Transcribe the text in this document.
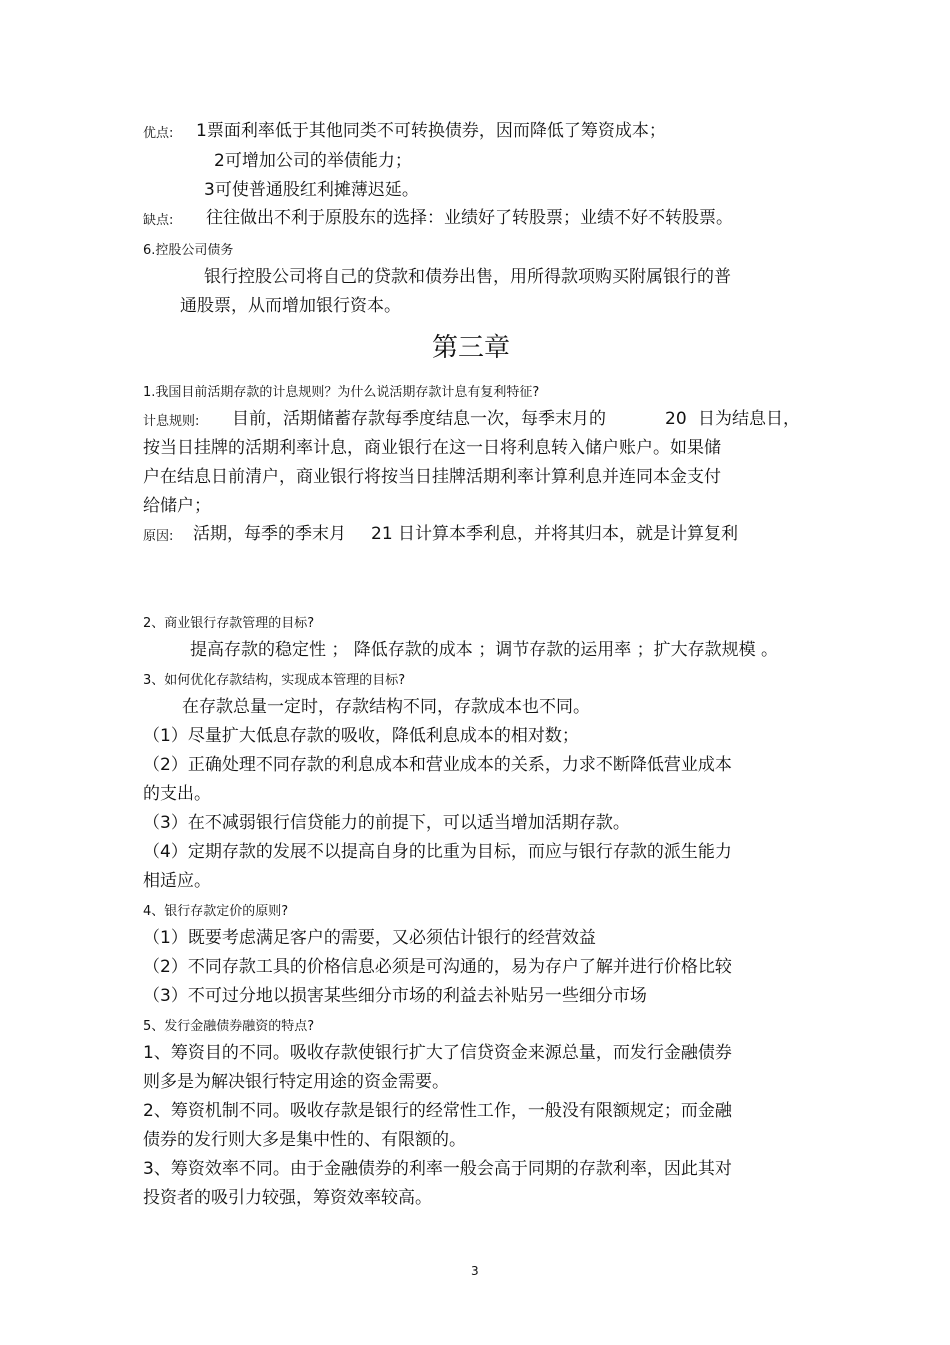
优点: 1票面利率低于其他同类不可转换债券，因而降低了筹资成本；
2可增加公司的举债能力；
3可使普通股红利摊薄迟延。
缺点: 往往做出不利于原股东的选择：业绩好了转股票；业绩不好不转股票。
6.控股公司债务
银行控股公司将自己的贷款和债券出售，用所得款项购买附属银行的普
通股票，从而增加银行资本。
第三章
1.我国目前活期存款的计息规则？为什么说活期存款计息有复利特征?
计息规则: 目前，活期储蓄存款每季度结息一次，每季末月的	20 日为结息日，
按当日挂牌的活期利率计息，商业银行在这一日将利息转入储户账户。如果储
户在结息日前清户，商业银行将按当日挂牌活期利率计算利息并连同本金支付
给储户；
原因: 活期，每季的季末月 21 日计算本季利息，并将其归本，就是计算复利
2、商业银行存款管理的目标?
提高存款的稳定性 ； 降低存款的成本 ；调节存款的运用率 ；扩大存款规模 。
3、如何优化存款结构，实现成本管理的目标?
在存款总量一定时，存款结构不同，存款成本也不同。
（1）尽量扩大低息存款的吸收，降低利息成本的相对数；
（2）正确处理不同存款的利息成本和营业成本的关系，力求不断降低营业成本
的支出。
（3）在不减弱银行信贷能力的前提下，可以适当增加活期存款。
（4）定期存款的发展不以提高自身的比重为目标，而应与银行存款的派生能力
相适应。
4、银行存款定价的原则?
（1）既要考虑满足客户的需要，又必须估计银行的经营效益
（2）不同存款工具的价格信息必须是可沟通的，易为存户了解并进行价格比较
（3）不可过分地以损害某些细分市场的利益去补贴另一些细分市场
5、发行金融债券融资的特点?
1、筹资目的不同。吸收存款使银行扩大了信贷资金来源总量，而发行金融债券
则多是为解决银行特定用途的资金需要。
2、筹资机制不同。吸收存款是银行的经常性工作，一般没有限额规定；而金融
债券的发行则大多是集中性的、有限额的。
3、筹资效率不同。由于金融债券的利率一般会高于同期的存款利率，因此其对
投资者的吸引力较强，筹资效率较高。
3
